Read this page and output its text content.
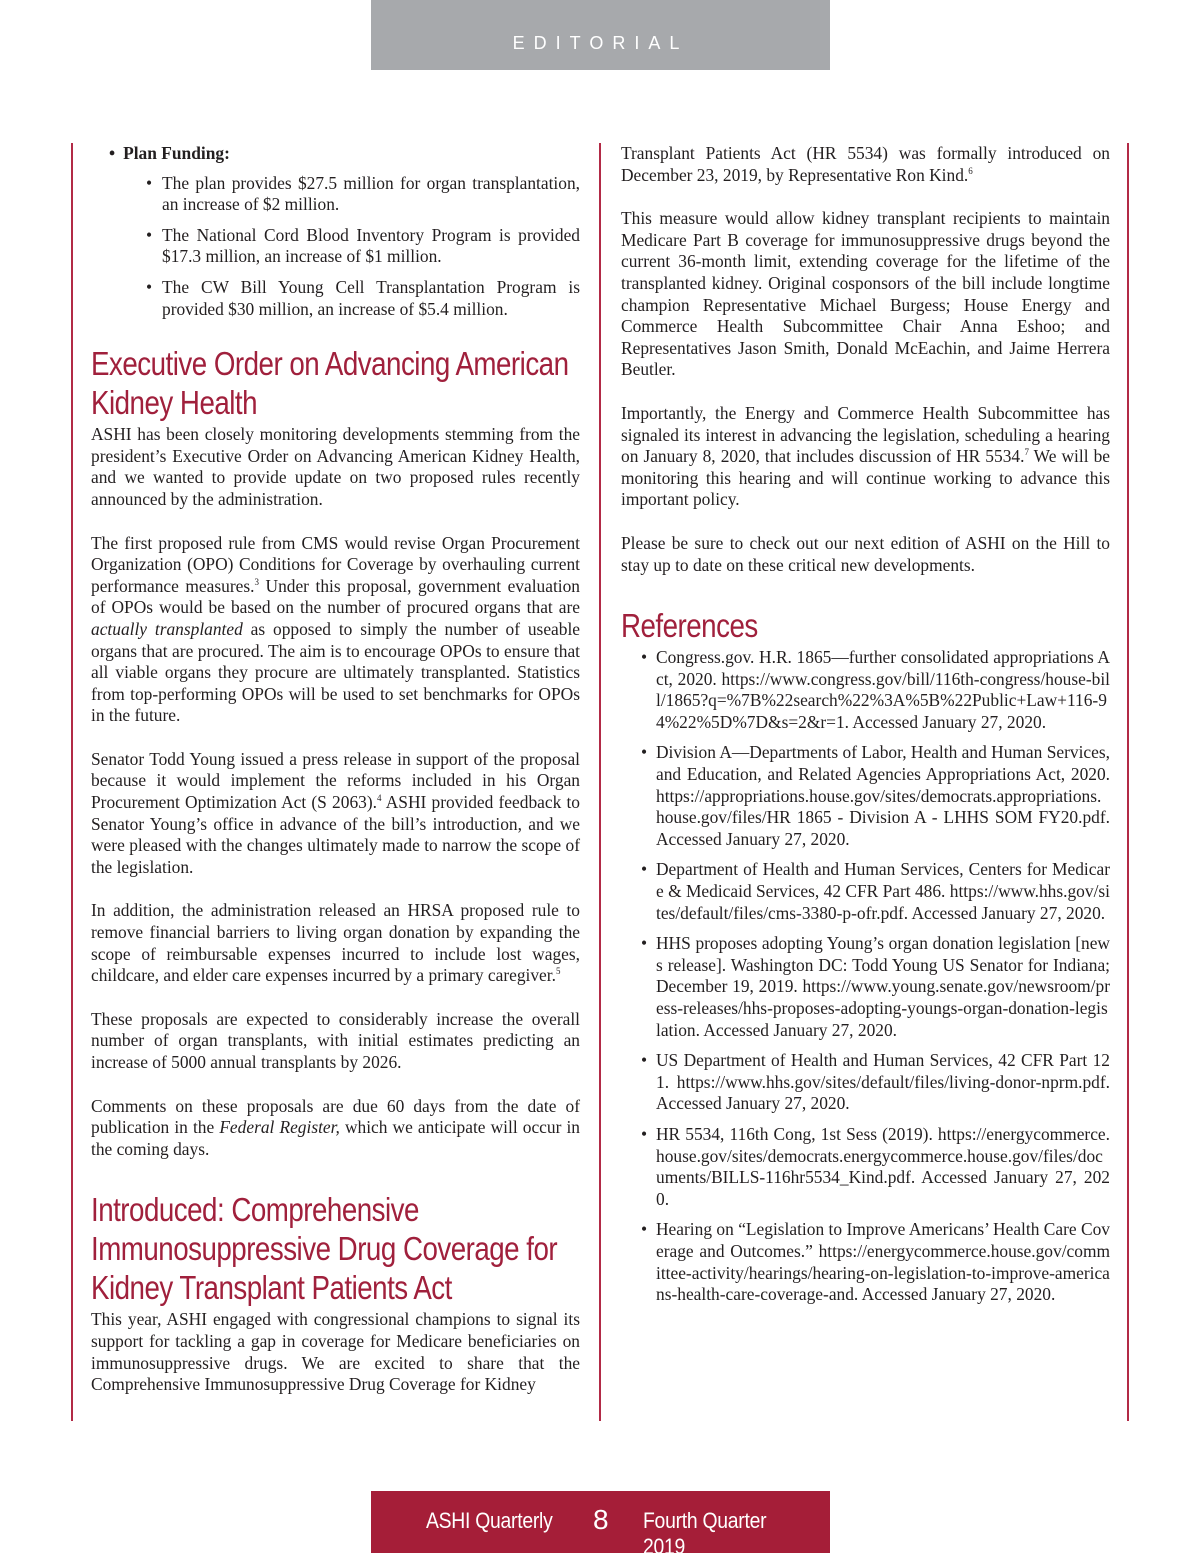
EDITORIAL
• Plan Funding:
• The plan provides $27.5 million for organ transplantation, an increase of $2 million.
• The National Cord Blood Inventory Program is provided $17.3 million, an increase of $1 million.
• The CW Bill Young Cell Transplantation Program is provided $30 million, an increase of $5.4 million.
Executive Order on Advancing American Kidney Health

ASHI has been closely monitoring developments stemming from the president’s Executive Order on Advancing American Kidney Health, and we wanted to provide update on two proposed rules recently announced by the administration.

The first proposed rule from CMS would revise Organ Procurement Organization (OPO) Conditions for Coverage by overhauling current performance measures.$^3$ Under this proposal, government evaluation of OPOs would be based on the number of procured organs that are actually transplanted as opposed to simply the number of useable organs that are procured. The aim is to encourage OPOs to ensure that all viable organs they procure are ultimately transplanted. Statistics from top-performing OPOs will be used to set benchmarks for OPOs in the future.

Senator Todd Young issued a press release in support of the proposal because it would implement the reforms included in his Organ Procurement Optimization Act (S 2063).$^4$ ASHI provided feedback to Senator Young’s office in advance of the bill’s introduction, and we were pleased with the changes ultimately made to narrow the scope of the legislation.

In addition, the administration released an HRSA proposed rule to remove financial barriers to living organ donation by expanding the scope of reimbursable expenses incurred to include lost wages, childcare, and elder care expenses incurred by a primary caregiver.$^5$

These proposals are expected to considerably increase the overall number of organ transplants, with initial estimates predicting an increase of 5000 annual transplants by 2026.

Comments on these proposals are due 60 days from the date of publication in the Federal Register, which we anticipate will occur in the coming days.

Introduced: Comprehensive Immunosuppressive Drug Coverage for Kidney Transplant Patients Act

This year, ASHI engaged with congressional champions to signal its support for tackling a gap in coverage for Medicare beneficiaries on immunosuppressive drugs. We are excited to share that the Comprehensive Immunosuppressive Drug Coverage for Kidney

Transplant Patients Act (HR 5534) was formally introduced on December 23, 2019, by Representative Ron Kind.$^6$

This measure would allow kidney transplant recipients to maintain Medicare Part B coverage for immunosuppressive drugs beyond the current 36-month limit, extending coverage for the lifetime of the transplanted kidney. Original cosponsors of the bill include longtime champion Representative Michael Burgess; House Energy and Commerce Health Subcommittee Chair Anna Eshoo; and Representatives Jason Smith, Donald McEachin, and Jaime Herrera Beutler.

Importantly, the Energy and Commerce Health Subcommittee has signaled its interest in advancing the legislation, scheduling a hearing on January 8, 2020, that includes discussion of HR 5534.$^7$ We will be monitoring this hearing and will continue working to advance this important policy.

Please be sure to check out our next edition of ASHI on the Hill to stay up to date on these critical new developments.

References
• Congress.gov. H.R. 1865—further consolidated appropriations Act, 2020. https://www.congress.gov/bill/116th-congress/house-bill/1865?q=%7B%22search%22%3A%5B%22Public+Law+116-94%22%5D%7D&s=2&r=1. Accessed January 27, 2020.
• Division A—Departments of Labor, Health and Human Services, and Education, and Related Agencies Appropriations Act, 2020. https://appropriations.house.gov/sites/democrats.appropriations.house.gov/files/HR 1865 - Division A - LHHS SOM FY20.pdf. Accessed January 27, 2020.
• Department of Health and Human Services, Centers for Medicare & Medicaid Services, 42 CFR Part 486. https://www.hhs.gov/sites/default/files/cms-3380-p-ofr.pdf. Accessed January 27, 2020.
• HHS proposes adopting Young’s organ donation legislation [news release]. Washington DC: Todd Young US Senator for Indiana; December 19, 2019. https://www.young.senate.gov/newsroom/press-releases/hhs-proposes-adopting-youngs-organ-donation-legislation. Accessed January 27, 2020.
• US Department of Health and Human Services, 42 CFR Part 121. https://www.hhs.gov/sites/default/files/living-donor-nprm.pdf. Accessed January 27, 2020.
• HR 5534, 116th Cong, 1st Sess (2019). https://energycommerce.house.gov/sites/democrats.energycommerce.house.gov/files/documents/BILLS-116hr5534_Kind.pdf. Accessed January 27, 2020.
• Hearing on “Legislation to Improve Americans’ Health Care Coverage and Outcomes.” https://energycommerce.house.gov/committee-activity/hearings/hearing-on-legislation-to-improve-americans-health-care-coverage-and. Accessed January 27, 2020.
ASHI Quarterly 8 Fourth Quarter 2019
